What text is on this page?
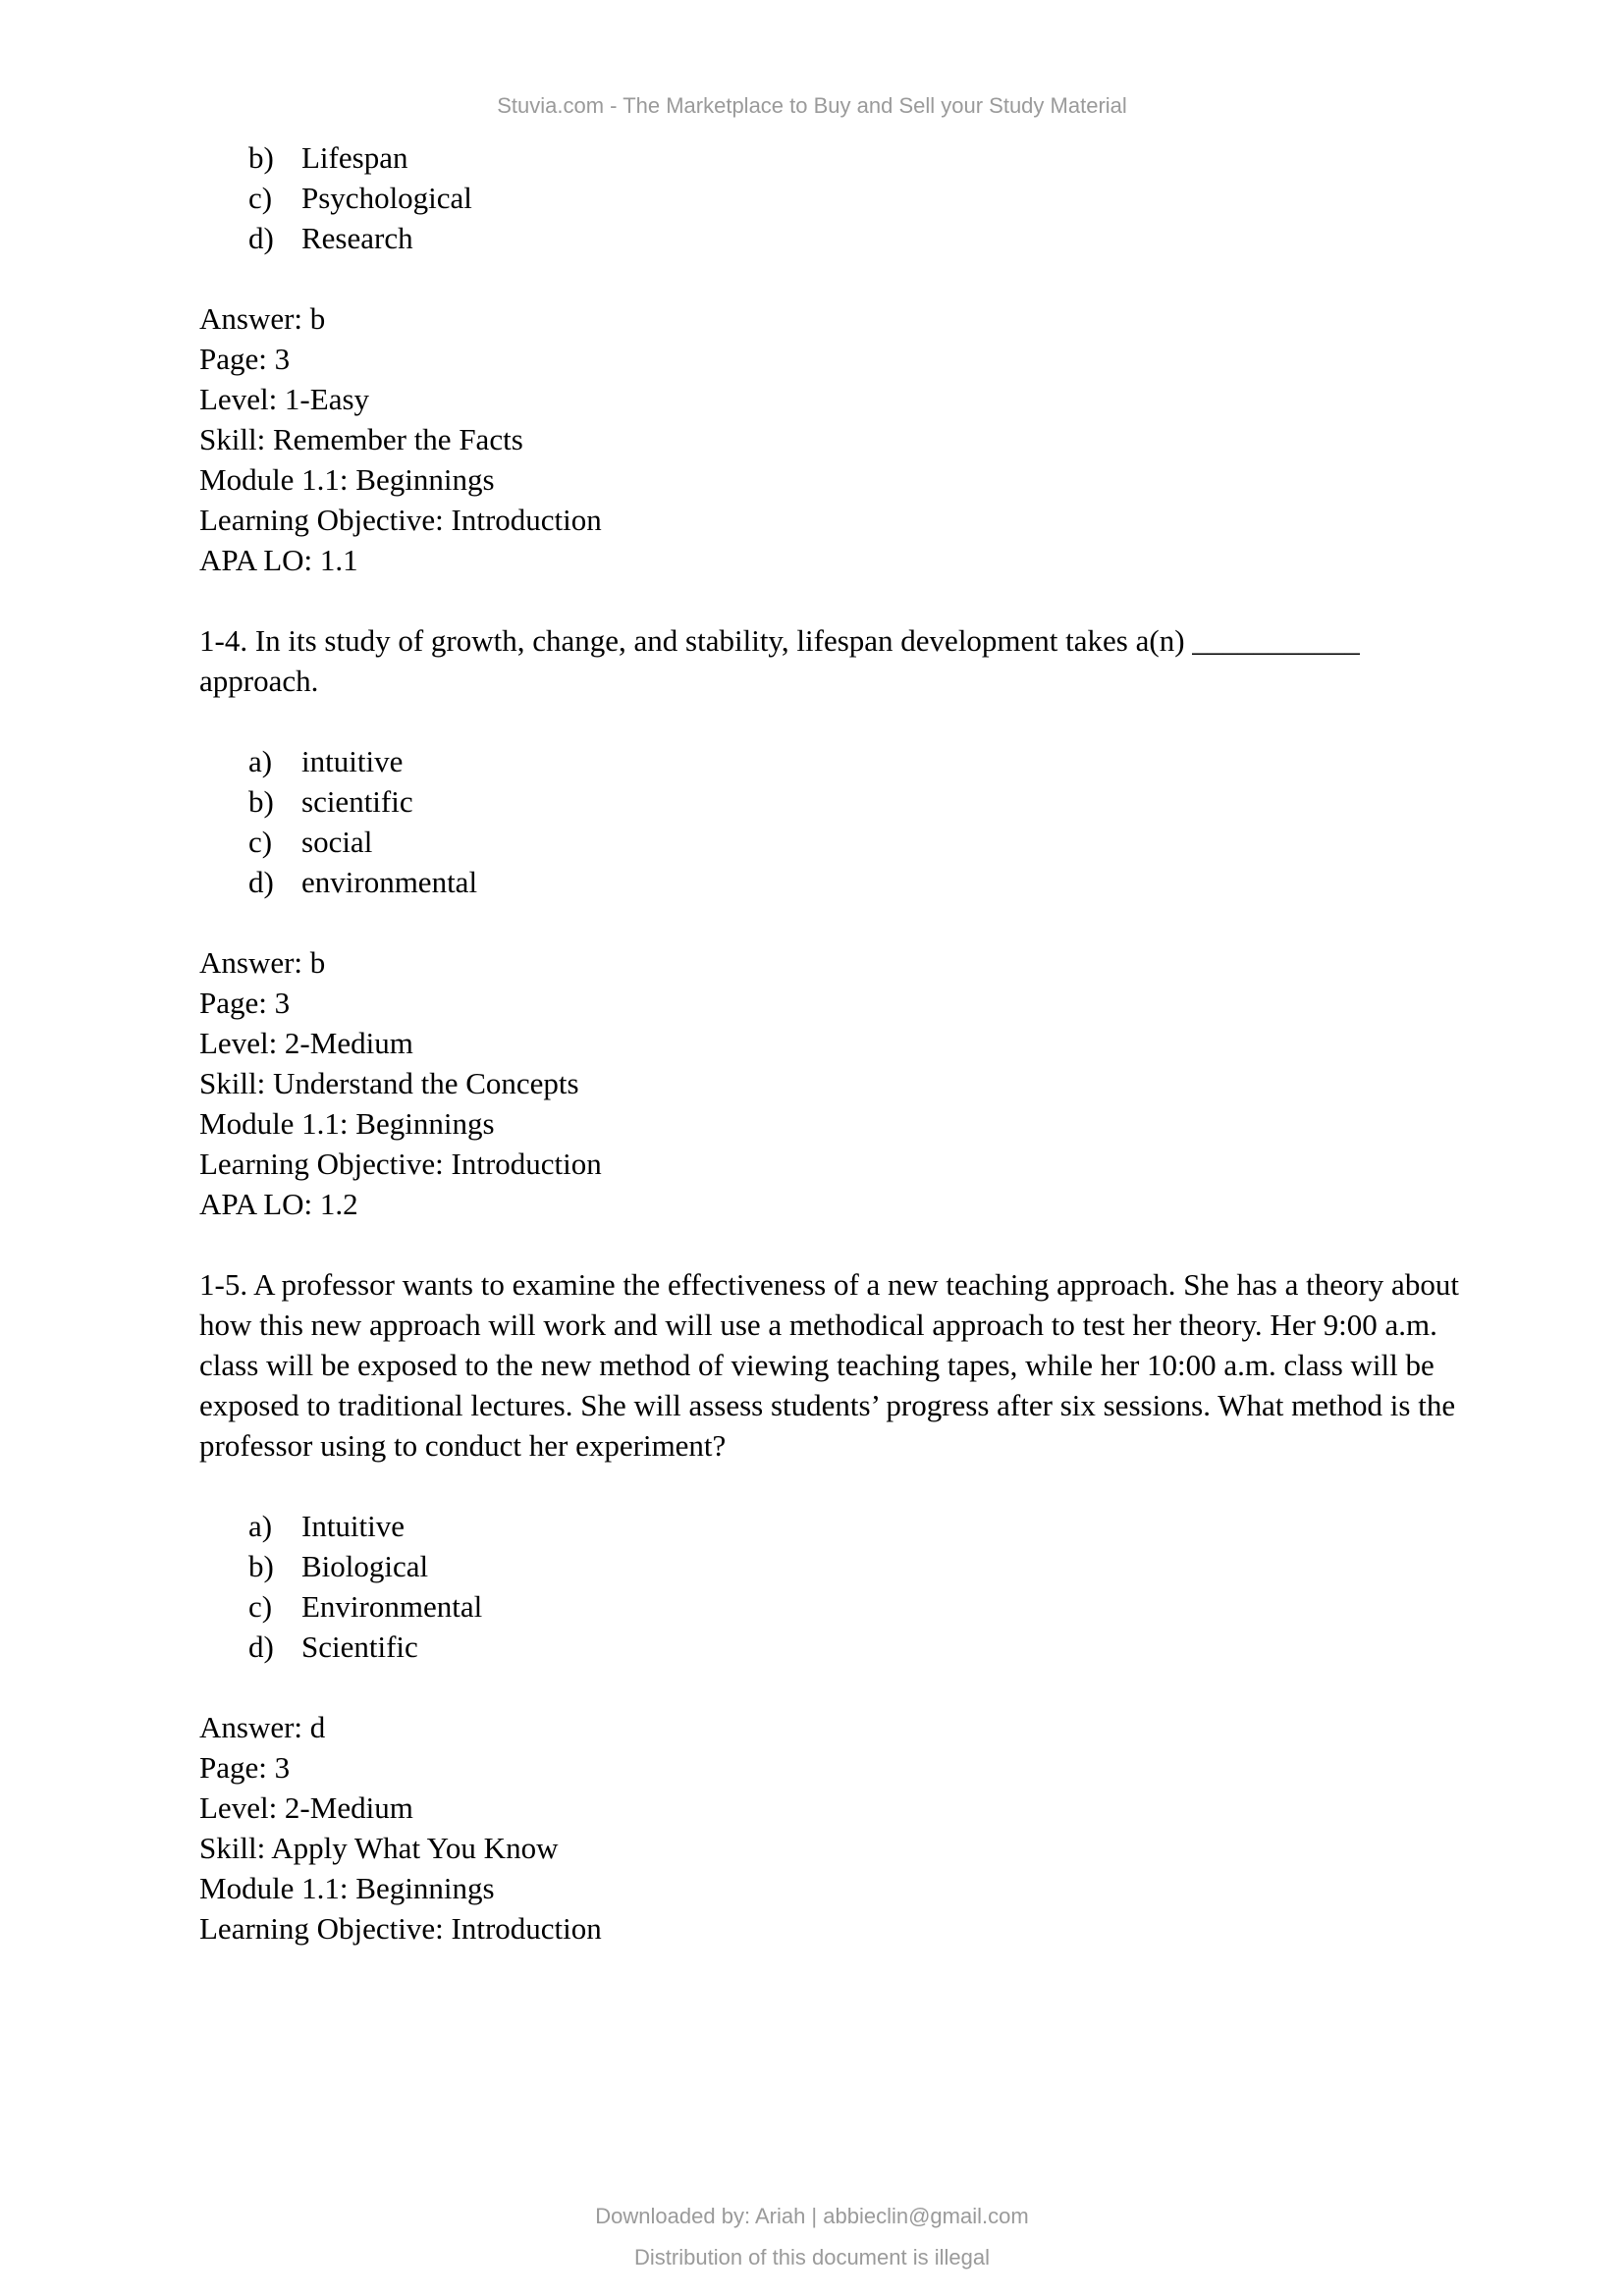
Stuvia.com - The Marketplace to Buy and Sell your Study Material
b) Lifespan
c) Psychological
d) Research
Answer: b
Page: 3
Level: 1-Easy
Skill: Remember the Facts
Module 1.1: Beginnings
Learning Objective: Introduction
APA LO: 1.1

1-4. In its study of growth, change, and stability, lifespan development takes a(n) ___________ approach.

a) intuitive
b) scientific
c) social
d) environmental
Answer: b
Page: 3
Level: 2-Medium
Skill: Understand the Concepts
Module 1.1: Beginnings
Learning Objective: Introduction
APA LO: 1.2

1-5. A professor wants to examine the effectiveness of a new teaching approach. She has a theory about how this new approach will work and will use a methodical approach to test her theory. Her 9:00 a.m. class will be exposed to the new method of viewing teaching tapes, while her 10:00 a.m. class will be exposed to traditional lectures. She will assess students’ progress after six sessions. What method is the professor using to conduct her experiment?

a) Intuitive
b) Biological
c) Environmental
d) Scientific
Answer: d
Page: 3
Level: 2-Medium
Skill: Apply What You Know
Module 1.1: Beginnings
Learning Objective: Introduction
Downloaded by: Ariah | abbieclin@gmail.com
Distribution of this document is illegal
